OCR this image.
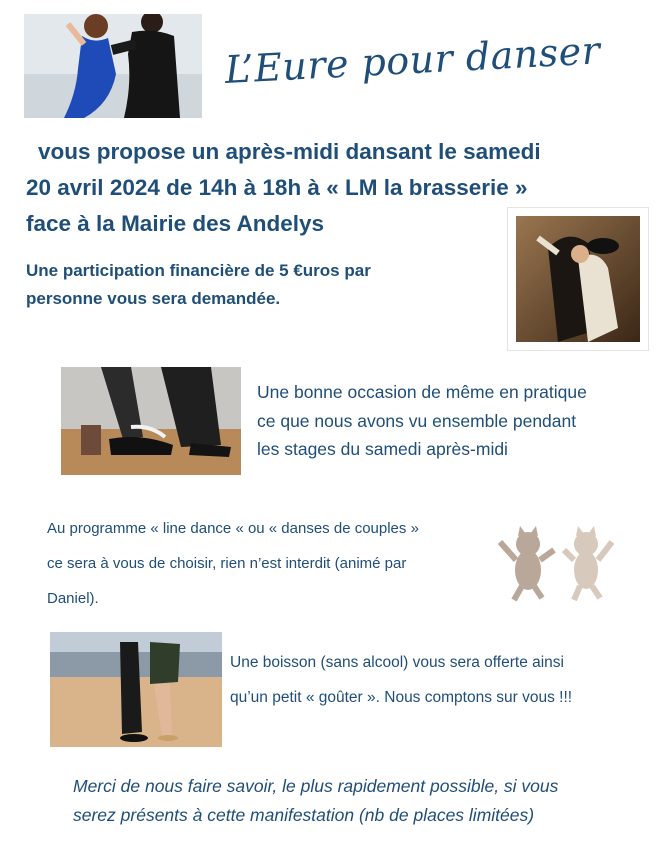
L’Eure pour danser
vous propose un après-midi dansant le samedi
20 avril 2024 de 14h à 18h à « LM la brasserie »
face à la Mairie des Andelys
Une participation financière de 5 €uros par
personne vous sera demandée.
Une bonne occasion de même en pratique
ce que nous avons vu ensemble pendant
les stages du samedi après-midi
Au programme « line dance « ou « danses de couples »
ce sera à vous de choisir, rien n’est interdit (animé par
Daniel).
Une boisson (sans alcool) vous sera offerte ainsi
qu’un petit « goûter ». Nous comptons sur vous !!!
Merci de nous faire savoir, le plus rapidement possible, si vous
serez présents à cette manifestation (nb de places limitées)
